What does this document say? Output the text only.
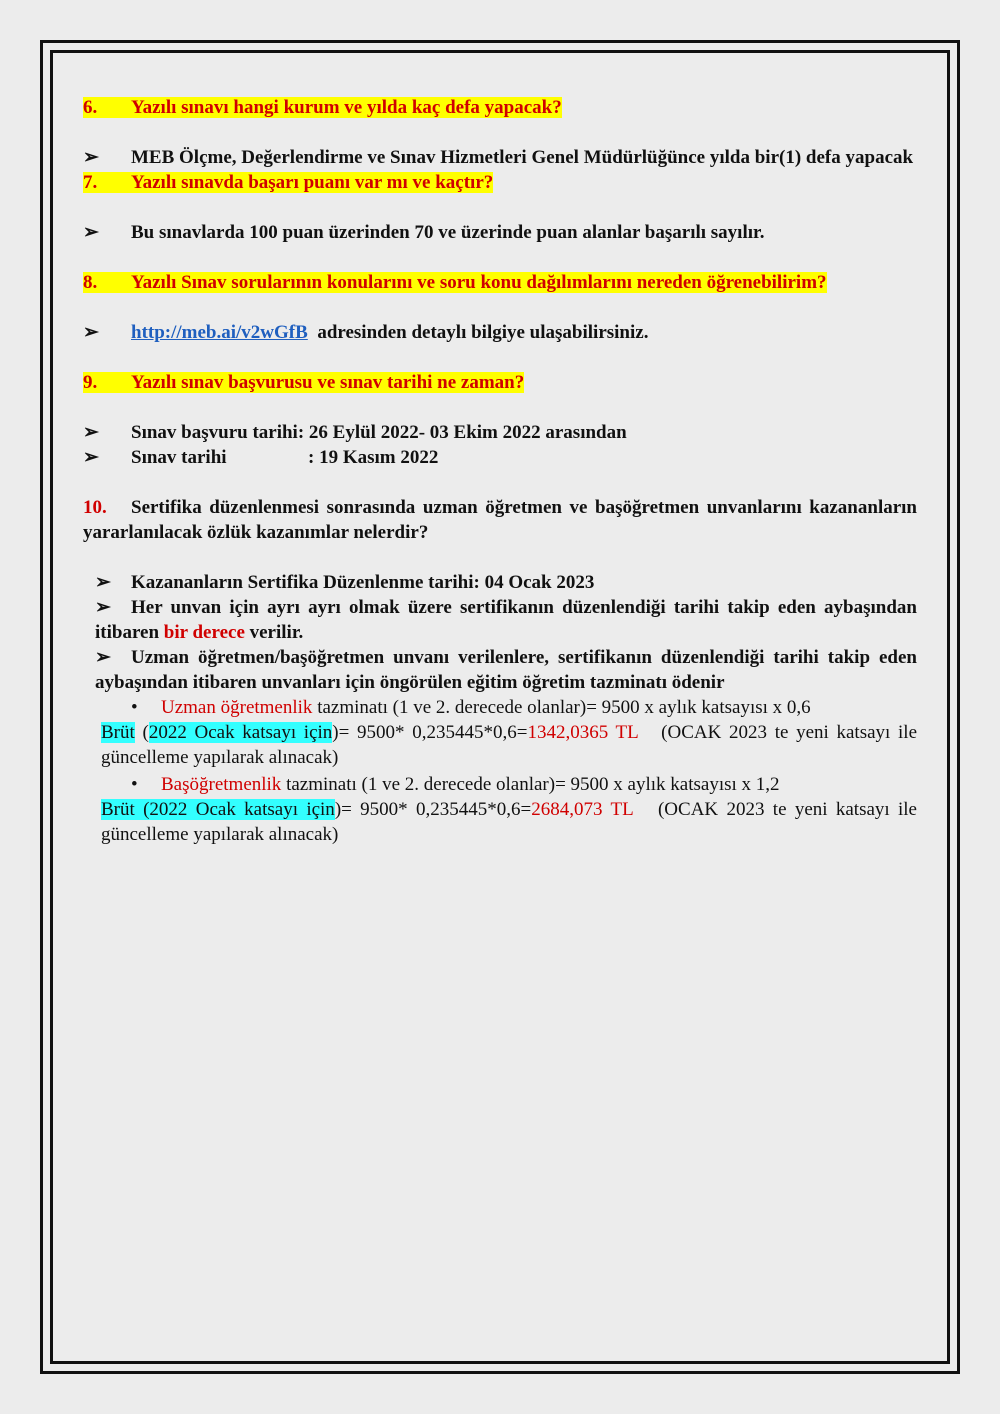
6. Yazılı sınavı hangi kurum ve yılda kaç defa yapacak?

➢ MEB Ölçme, Değerlendirme ve Sınav Hizmetleri Genel Müdürlüğünce yılda bir(1) defa yapacak

7. Yazılı sınavda başarı puanı var mı ve kaçtır?

➢ Bu sınavlarda 100 puan üzerinden 70 ve üzerinde puan alanlar başarılı sayılır.

8. Yazılı Sınav sorularının konularını ve soru konu dağılımlarını nereden öğrenebilirim?

➢ http://meb.ai/v2wGfB adresinden detaylı bilgiye ulaşabilirsiniz.

9. Yazılı sınav başvurusu ve sınav tarihi ne zaman?

➢ Sınav başvuru tarihi: 26 Eylül 2022- 03 Ekim 2022 arasından

➢ Sınav tarihi	: 19 Kasım 2022

10. Sertifika düzenlenmesi sonrasında uzman öğretmen ve başöğretmen unvanlarını kazananların yararlanılacak özlük kazanımlar nelerdir?

➢ Kazananların Sertifika Düzenlenme tarihi: 04 Ocak 2023

➢ Her unvan için ayrı ayrı olmak üzere sertifikanın düzenlendiği tarihi takip eden aybaşından itibaren bir derece verilir.

➢ Uzman öğretmen/başöğretmen unvanı verilenlere, sertifikanın düzenlendiği tarihi takip eden aybaşından itibaren unvanları için öngörülen eğitim öğretim tazminatı ödenir

• Uzman öğretmenlik tazminatı (1 ve 2. derecede olanlar)= 9500 x aylık katsayısı x 0,6

Brüt (2022 Ocak katsayı için)= 9500* 0,235445*0,6=1342,0365 TL (OCAK 2023 te yeni katsayı ile güncelleme yapılarak alınacak)

• Başöğretmenlik tazminatı (1 ve 2. derecede olanlar)= 9500 x aylık katsayısı x 1,2

Brüt (2022 Ocak katsayı için)= 9500* 0,235445*0,6=2684,073 TL (OCAK 2023 te yeni katsayı ile güncelleme yapılarak alınacak)
